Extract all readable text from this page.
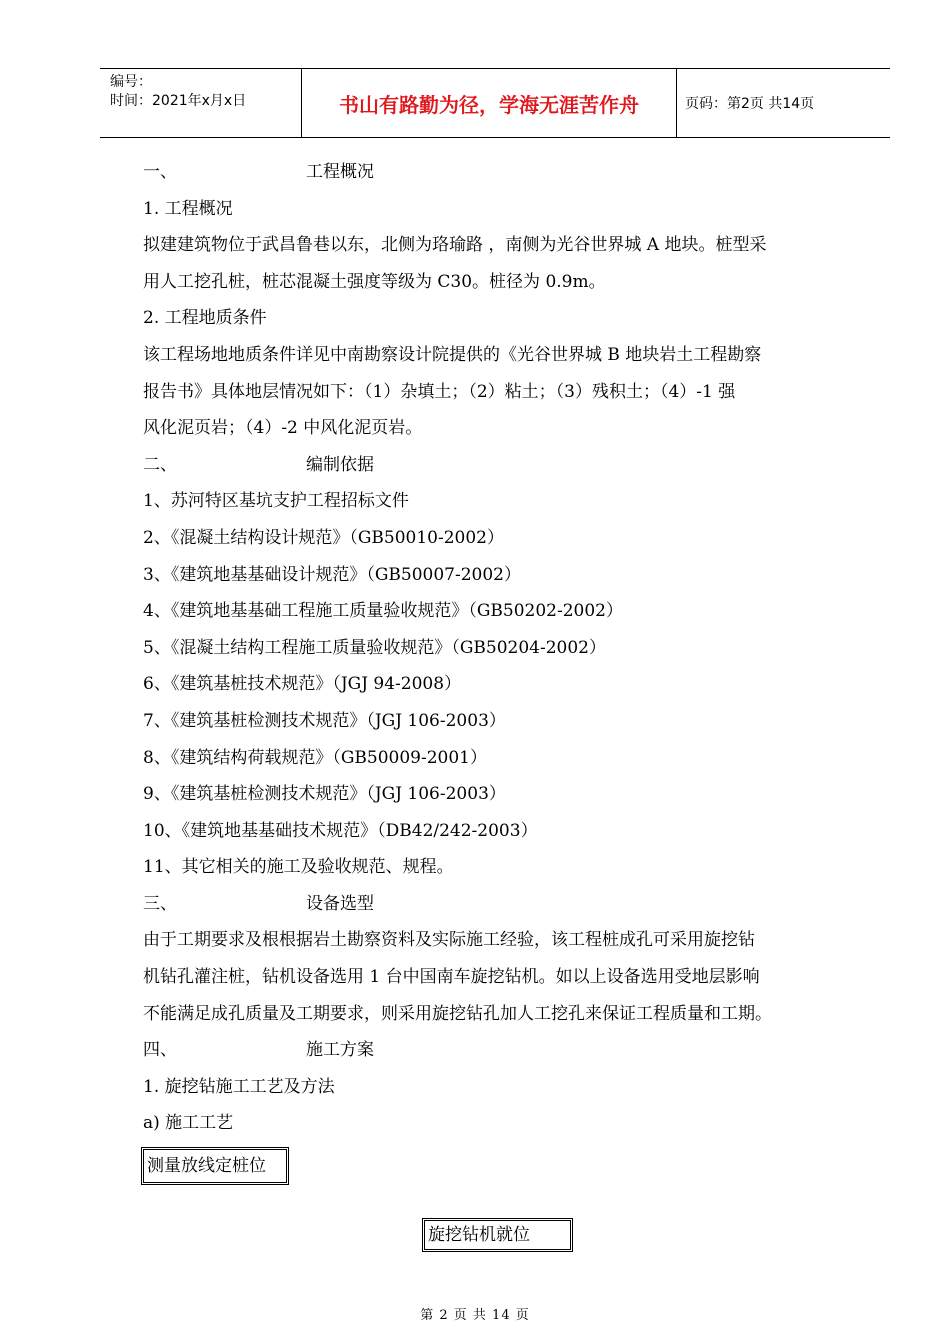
编号：
时间：2021年x月x日	书山有路勤为径，学海无涯苦作舟	页码：第2页 共14页
一、	工程概况
1. 工程概况
拟建建筑物位于武昌鲁巷以东，北侧为珞瑜路 ，南侧为光谷世界城 A 地块。桩型采
用人工挖孔桩，桩芯混凝土强度等级为 C30。桩径为 0.9m。
2. 工程地质条件
该工程场地地质条件详见中南勘察设计院提供的《光谷世界城 B 地块岩土工程勘察
报告书》具体地层情况如下：（1）杂填土；（2）粘土；（3）残积土；（4）-1 强
风化泥页岩；（4）-2 中风化泥页岩。
二、	编制依据
1、苏河特区基坑支护工程招标文件
2、《混凝土结构设计规范》（GB50010-2002）
3、《建筑地基基础设计规范》（GB50007-2002）
4、《建筑地基基础工程施工质量验收规范》（GB50202-2002）
5、《混凝土结构工程施工质量验收规范》（GB50204-2002）
6、《建筑基桩技术规范》（JGJ 94-2008）
7、《建筑基桩检测技术规范》（JGJ 106-2003）
8、《建筑结构荷载规范》（GB50009-2001）
9、《建筑基桩检测技术规范》（JGJ 106-2003）
10、《建筑地基基础技术规范》（DB42/242-2003）
11、其它相关的施工及验收规范、规程。
三、	设备选型
由于工期要求及根根据岩土勘察资料及实际施工经验，该工程桩成孔可采用旋挖钻
机钻孔灌注桩，钻机设备选用 1 台中国南车旋挖钻机。如以上设备选用受地层影响
不能满足成孔质量及工期要求，则采用旋挖钻孔加人工挖孔来保证工程质量和工期。
四、	施工方案
1. 旋挖钻施工工艺及方法
a) 施工工艺
测量放线定桩位
旋挖钻机就位
第 2 页 共 14 页
